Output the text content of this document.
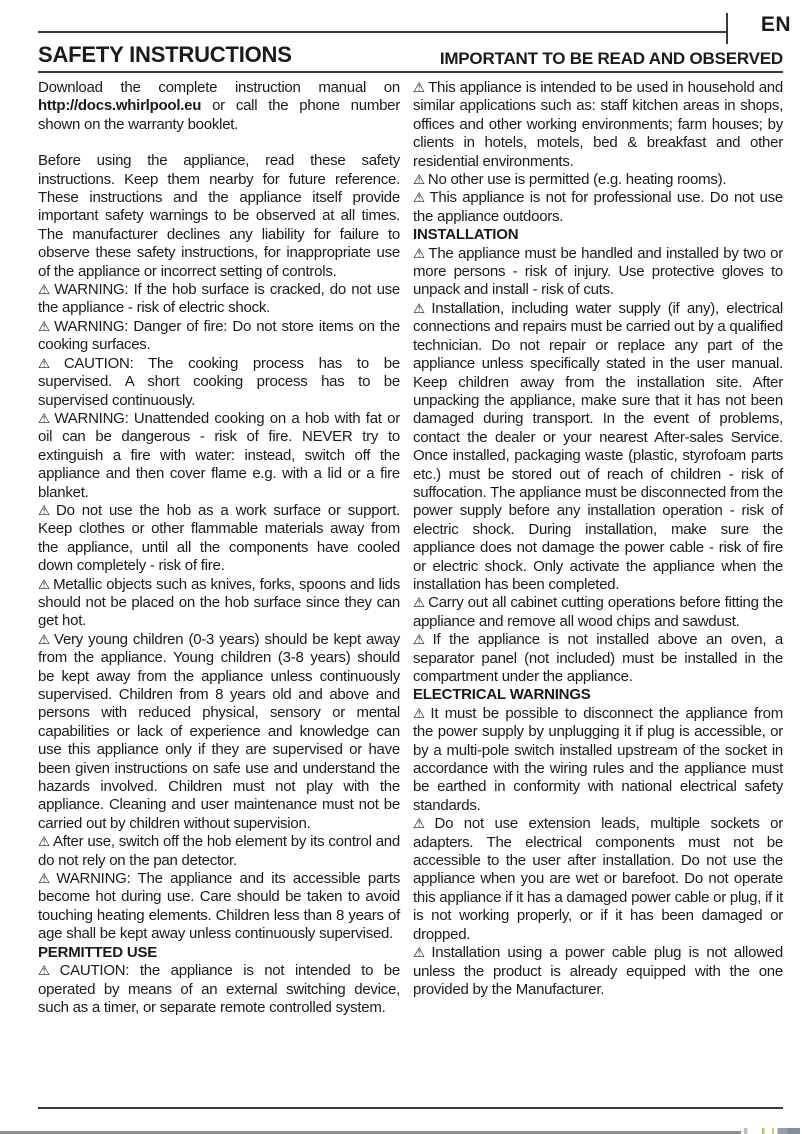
EN
SAFETY INSTRUCTIONS	IMPORTANT TO BE READ AND OBSERVED

Download the complete instruction manual on http://docs.whirlpool.eu or call the phone number shown on the warranty booklet.

Before using the appliance, read these safety instructions. Keep them nearby for future reference. These instructions and the appliance itself provide important safety warnings to be observed at all times. The manufacturer declines any liability for failure to observe these safety instructions, for inappropriate use of the appliance or incorrect setting of controls.

⚠ WARNING: If the hob surface is cracked, do not use the appliance - risk of electric shock.

⚠ WARNING: Danger of fire: Do not store items on the cooking surfaces.

⚠ CAUTION: The cooking process has to be supervised. A short cooking process has to be supervised continuously.

⚠ WARNING: Unattended cooking on a hob with fat or oil can be dangerous - risk of fire. NEVER try to extinguish a fire with water: instead, switch off the appliance and then cover flame e.g. with a lid or a fire blanket.

⚠ Do not use the hob as a work surface or support. Keep clothes or other flammable materials away from the appliance, until all the components have cooled down completely - risk of fire.

⚠ Metallic objects such as knives, forks, spoons and lids should not be placed on the hob surface since they can get hot.

⚠ Very young children (0-3 years) should be kept away from the appliance. Young children (3-8 years) should be kept away from the appliance unless continuously supervised. Children from 8 years old and above and persons with reduced physical, sensory or mental capabilities or lack of experience and knowledge can use this appliance only if they are supervised or have been given instructions on safe use and understand the hazards involved. Children must not play with the appliance. Cleaning and user maintenance must not be carried out by children without supervision.

⚠ After use, switch off the hob element by its control and do not rely on the pan detector.

⚠ WARNING: The appliance and its accessible parts become hot during use. Care should be taken to avoid touching heating elements. Children less than 8 years of age shall be kept away unless continuously supervised.

PERMITTED USE

⚠ CAUTION: the appliance is not intended to be operated by means of an external switching device, such as a timer, or separate remote controlled system.

⚠ This appliance is intended to be used in household and similar applications such as: staff kitchen areas in shops, offices and other working environments; farm houses; by clients in hotels, motels, bed & breakfast and other residential environments.

⚠ No other use is permitted (e.g. heating rooms).

⚠ This appliance is not for professional use. Do not use the appliance outdoors.

INSTALLATION

⚠ The appliance must be handled and installed by two or more persons - risk of injury. Use protective gloves to unpack and install - risk of cuts.

⚠ Installation, including water supply (if any), electrical connections and repairs must be carried out by a qualified technician. Do not repair or replace any part of the appliance unless specifically stated in the user manual. Keep children away from the installation site. After unpacking the appliance, make sure that it has not been damaged during transport. In the event of problems, contact the dealer or your nearest After-sales Service. Once installed, packaging waste (plastic, styrofoam parts etc.) must be stored out of reach of children - risk of suffocation. The appliance must be disconnected from the power supply before any installation operation - risk of electric shock. During installation, make sure the appliance does not damage the power cable - risk of fire or electric shock. Only activate the appliance when the installation has been completed.

⚠ Carry out all cabinet cutting operations before fitting the appliance and remove all wood chips and sawdust.

⚠ If the appliance is not installed above an oven, a separator panel (not included) must be installed in the compartment under the appliance.

ELECTRICAL WARNINGS

⚠ It must be possible to disconnect the appliance from the power supply by unplugging it if plug is accessible, or by a multi-pole switch installed upstream of the socket in accordance with the wiring rules and the appliance must be earthed in conformity with national electrical safety standards.

⚠ Do not use extension leads, multiple sockets or adapters. The electrical components must not be accessible to the user after installation. Do not use the appliance when you are wet or barefoot. Do not operate this appliance if it has a damaged power cable or plug, if it is not working properly, or if it has been damaged or dropped.

⚠ Installation using a power cable plug is not allowed unless the product is already equipped with the one provided by the Manufacturer.
